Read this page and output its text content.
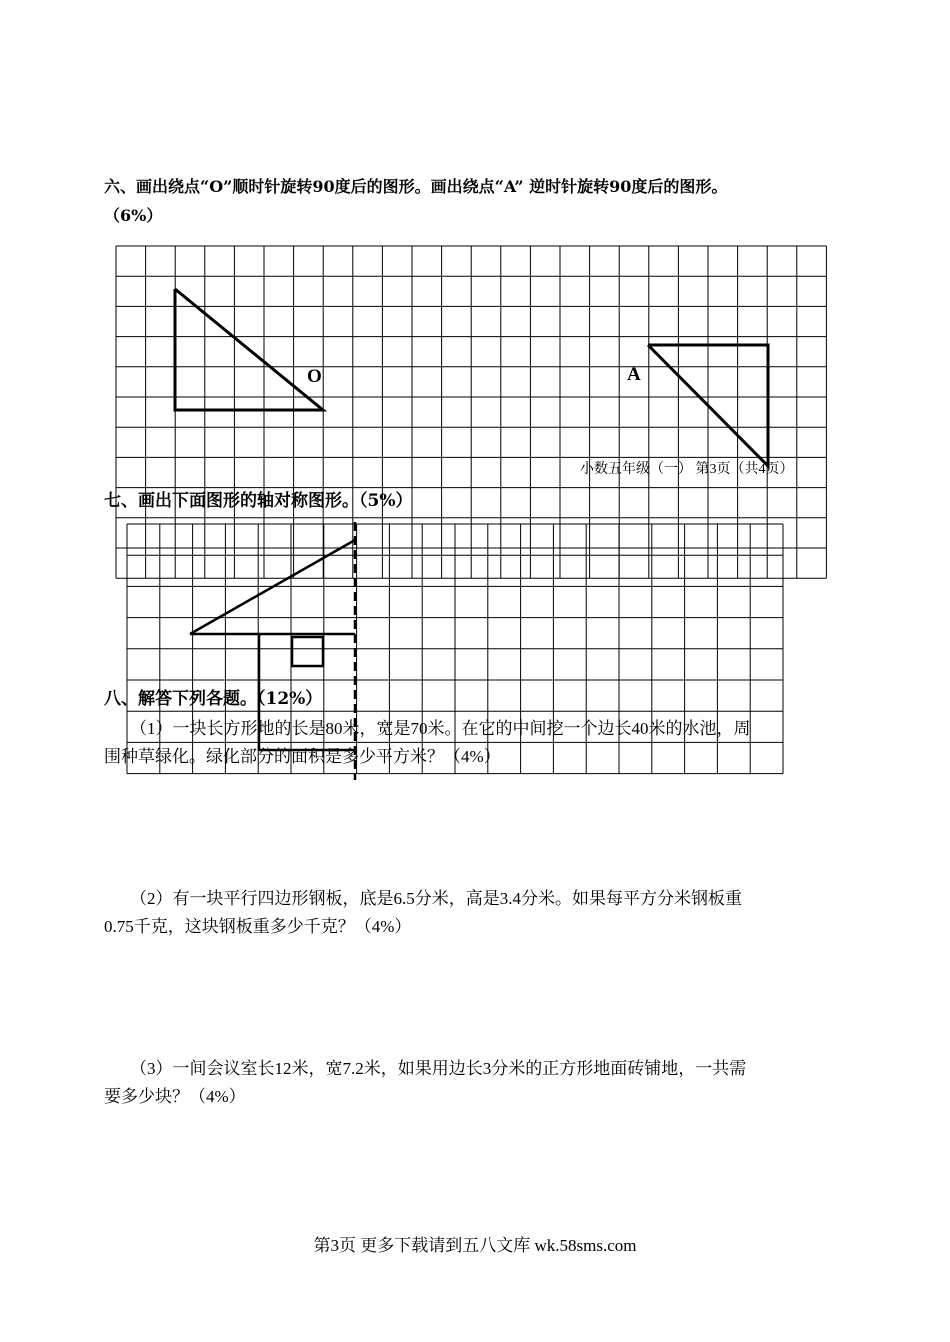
六、画出绕点“O”顺时针旋转90度后的图形。画出绕点“A” 逆时针旋转90度后的图形。
（6%）
O	A
小数五年级（一） 第3页（共4页）
七、画出下面图形的轴对称图形。（5%）
八、解答下列各题。（12%）
（1）一块长方形地的长是80米，宽是70米。在它的中间挖一个边长40米的水池，周
围种草绿化。绿化部分的面积是多少平方米？（4%）
（2）有一块平行四边形钢板，底是6.5分米，高是3.4分米。如果每平方分米钢板重
0.75千克，这块钢板重多少千克？（4%）
（3）一间会议室长12米，宽7.2米，如果用边长3分米的正方形地面砖铺地，一共需
要多少块？（4%）
第3页 更多下载请到五八文库 wk.58sms.com
